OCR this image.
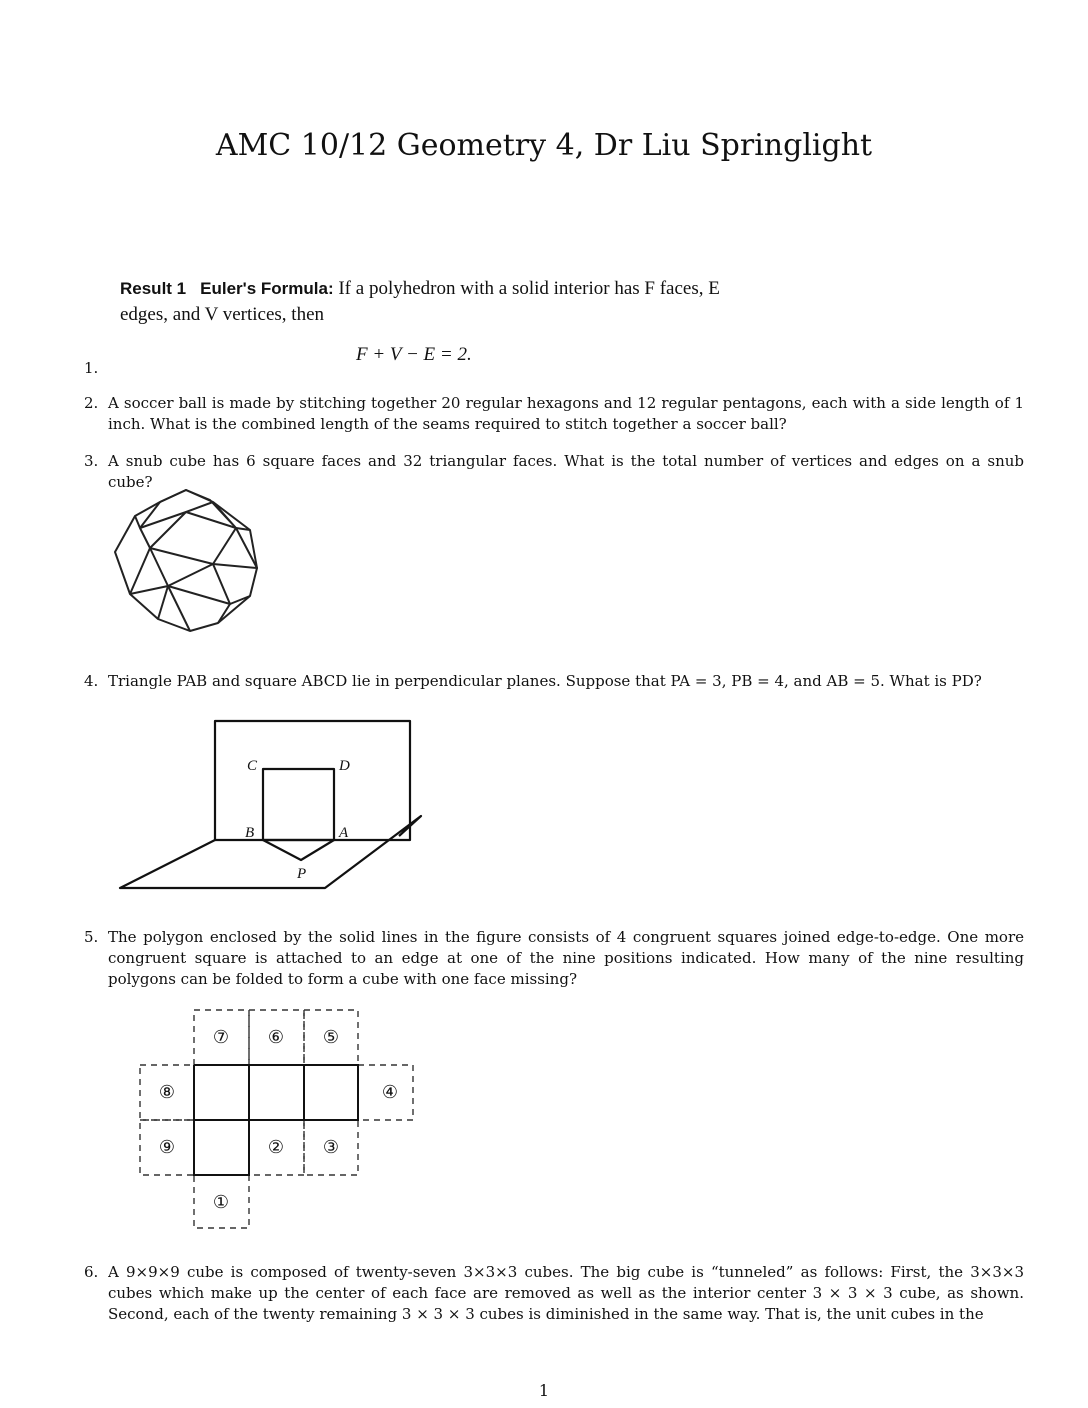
AMC 10/12 Geometry 4, Dr Liu Springlight
Result 1 Euler's Formula: If a polyhedron with a solid interior has F faces, E edges, and V vertices, then
F + V − E = 2.
1.
2. A soccer ball is made by stitching together 20 regular hexagons and 12 regular pentagons, each with a side length of 1 inch. What is the combined length of the seams required to stitch together a soccer ball?
3. A snub cube has 6 square faces and 32 triangular faces. What is the total number of vertices and edges on a snub cube?
4. Triangle PAB and square ABCD lie in perpendicular planes. Suppose that PA = 3, PB = 4, and AB = 5. What is PD?
C	D
B	A
P
5. The polygon enclosed by the solid lines in the figure consists of 4 congruent squares joined edge-to-edge. One more congruent square is attached to an edge at one of the nine positions indicated. How many of the nine resulting polygons can be folded to form a cube with one face missing?
⑦ ⑥ ⑤
⑧	④
⑨	② ③
①
6. A 9×9×9 cube is composed of twenty-seven 3×3×3 cubes. The big cube is “tunneled” as follows: First, the 3×3×3 cubes which make up the center of each face are removed as well as the interior center 3 × 3 × 3 cube, as shown. Second, each of the twenty remaining 3 × 3 × 3 cubes is diminished in the same way. That is, the unit cubes in the
1
